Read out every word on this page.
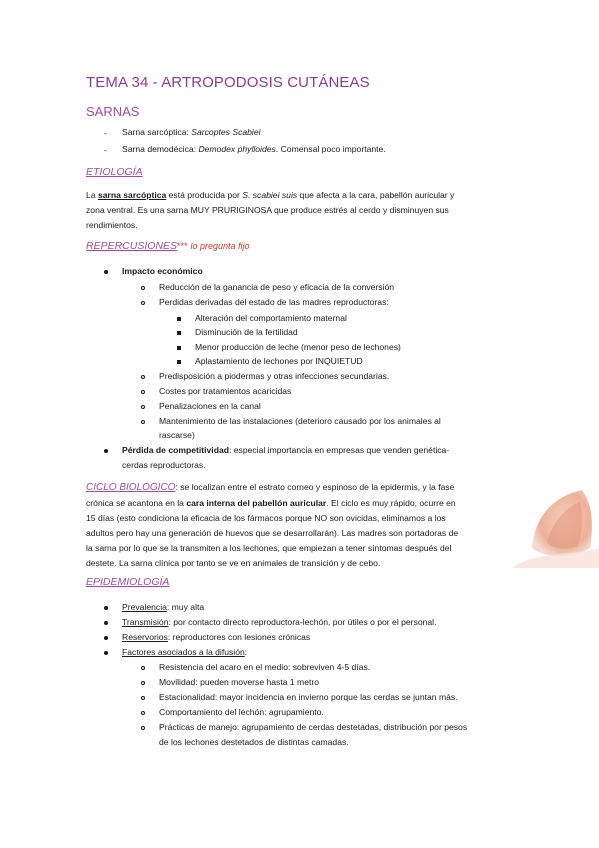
TEMA 34 - ARTROPODOSIS CUTÁNEAS
SARNAS
- Sarna sarcóptica: Sarcoptes Scabiei
- Sarna demodécica: Demodex phylloides. Comensal poco importante.
ETIOLOGÍA
La sarna sarcóptica está producida por S. scabiei suis que afecta a la cara, pabellón auricular y
zona ventral. Es una sarna MUY PRURIGINOSA que produce estrés al cerdo y disminuyen sus
rendimientos.
REPERCUSIONES*** lo pregunta fijo
Impacto económico
Reducción de la ganancia de peso y eficacia de la conversión
Perdidas derivadas del estado de las madres reproductoras:
Alteración del comportamiento maternal
Disminución de la fertilidad
Menor producción de leche (menor peso de lechones)
Aplastamiento de lechones por INQUIETUD
Predisposición a piodermas y otras infecciones secundarias.
Costes por tratamientos acaricidas
Penalizaciones en la canal
Mantenimiento de las instalaciones (deterioro causado por los animales al
rascarse)
Pérdida de competitividad: especial importancia en empresas que venden genética-
cerdas reproductoras.
CICLO BIOLOGICO: se localizan entre el estrato corneo y espinoso de la epidermis, y la fase
crónica se acantona en la cara interna del pabellón auricular. El ciclo es muy rápido, ocurre en
15 días (esto condiciona la eficacia de los fármacos porque NO son ovicidas, eliminamos a los
adultos pero hay una generación de huevos que se desarrollarán). Las madres son portadoras de
la sarna por lo que se la transmiten a los lechones, que empiezan a tener síntomas después del
destete. La sarna clínica por tanto se ve en animales de transición y de cebo.
EPIDEMIOLOGÍA
Prevalencia: muy alta
Transmisión: por contacto directo reproductora-lechón, por útiles o por el personal.
Reservorios: reproductores con lesiones crónicas
Factores asociados a la difusión:
Resistencia del acaro en el medio: sobreviven 4-5 días.
Movilidad: pueden moverse hasta 1 metro
Estacionalidad: mayor incidencia en invierno porque las cerdas se juntan más.
Comportamiento del lechón: agrupamiento.
Prácticas de manejo: agrupamiento de cerdas destetadas, distribución por pesos
de los lechones destetados de distintas camadas.
